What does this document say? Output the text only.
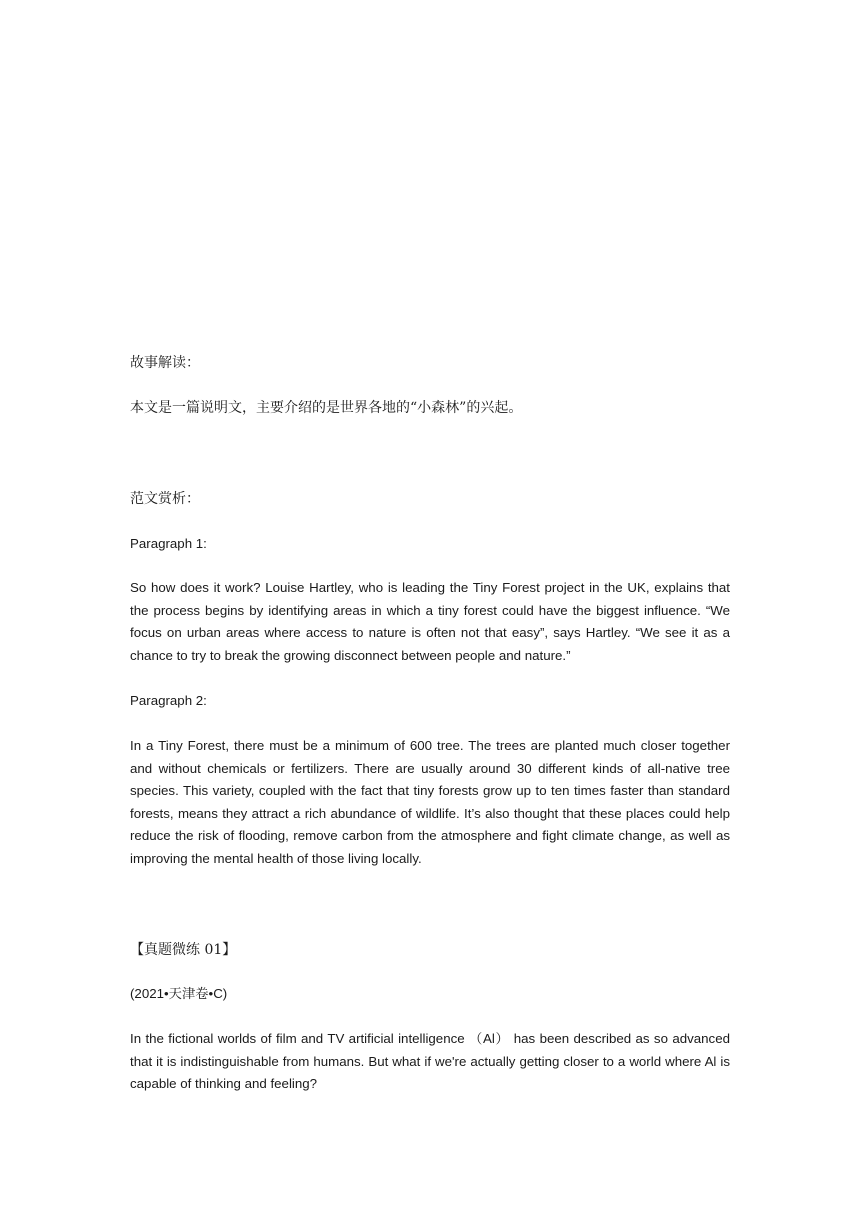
故事解读：

本文是一篇说明文，主要介绍的是世界各地的“小森林”的兴起。

范文赏析：

Paragraph 1:

So how does it work? Louise Hartley, who is leading the Tiny Forest project in the UK, explains that the process begins by identifying areas in which a tiny forest could have the biggest influence. “We focus on urban areas where access to nature is often not that easy”, says Hartley. “We see it as a chance to try to break the growing disconnect between people and nature.”

Paragraph 2:

In a Tiny Forest, there must be a minimum of 600 tree. The trees are planted much closer together and without chemicals or fertilizers. There are usually around 30 different kinds of all-native tree species. This variety, coupled with the fact that tiny forests grow up to ten times faster than standard forests, means they attract a rich abundance of wildlife. It’s also thought that these places could help reduce the risk of flooding, remove carbon from the atmosphere and fight climate change, as well as improving the mental health of those living locally.

【真题微练 01】

(2021•天津卷•C)

In the fictional worlds of film and TV artificial intelligence （Al） has been described as so advanced that it is indistinguishable from humans. But what if we're actually getting closer to a world where Al is capable of thinking and feeling?
